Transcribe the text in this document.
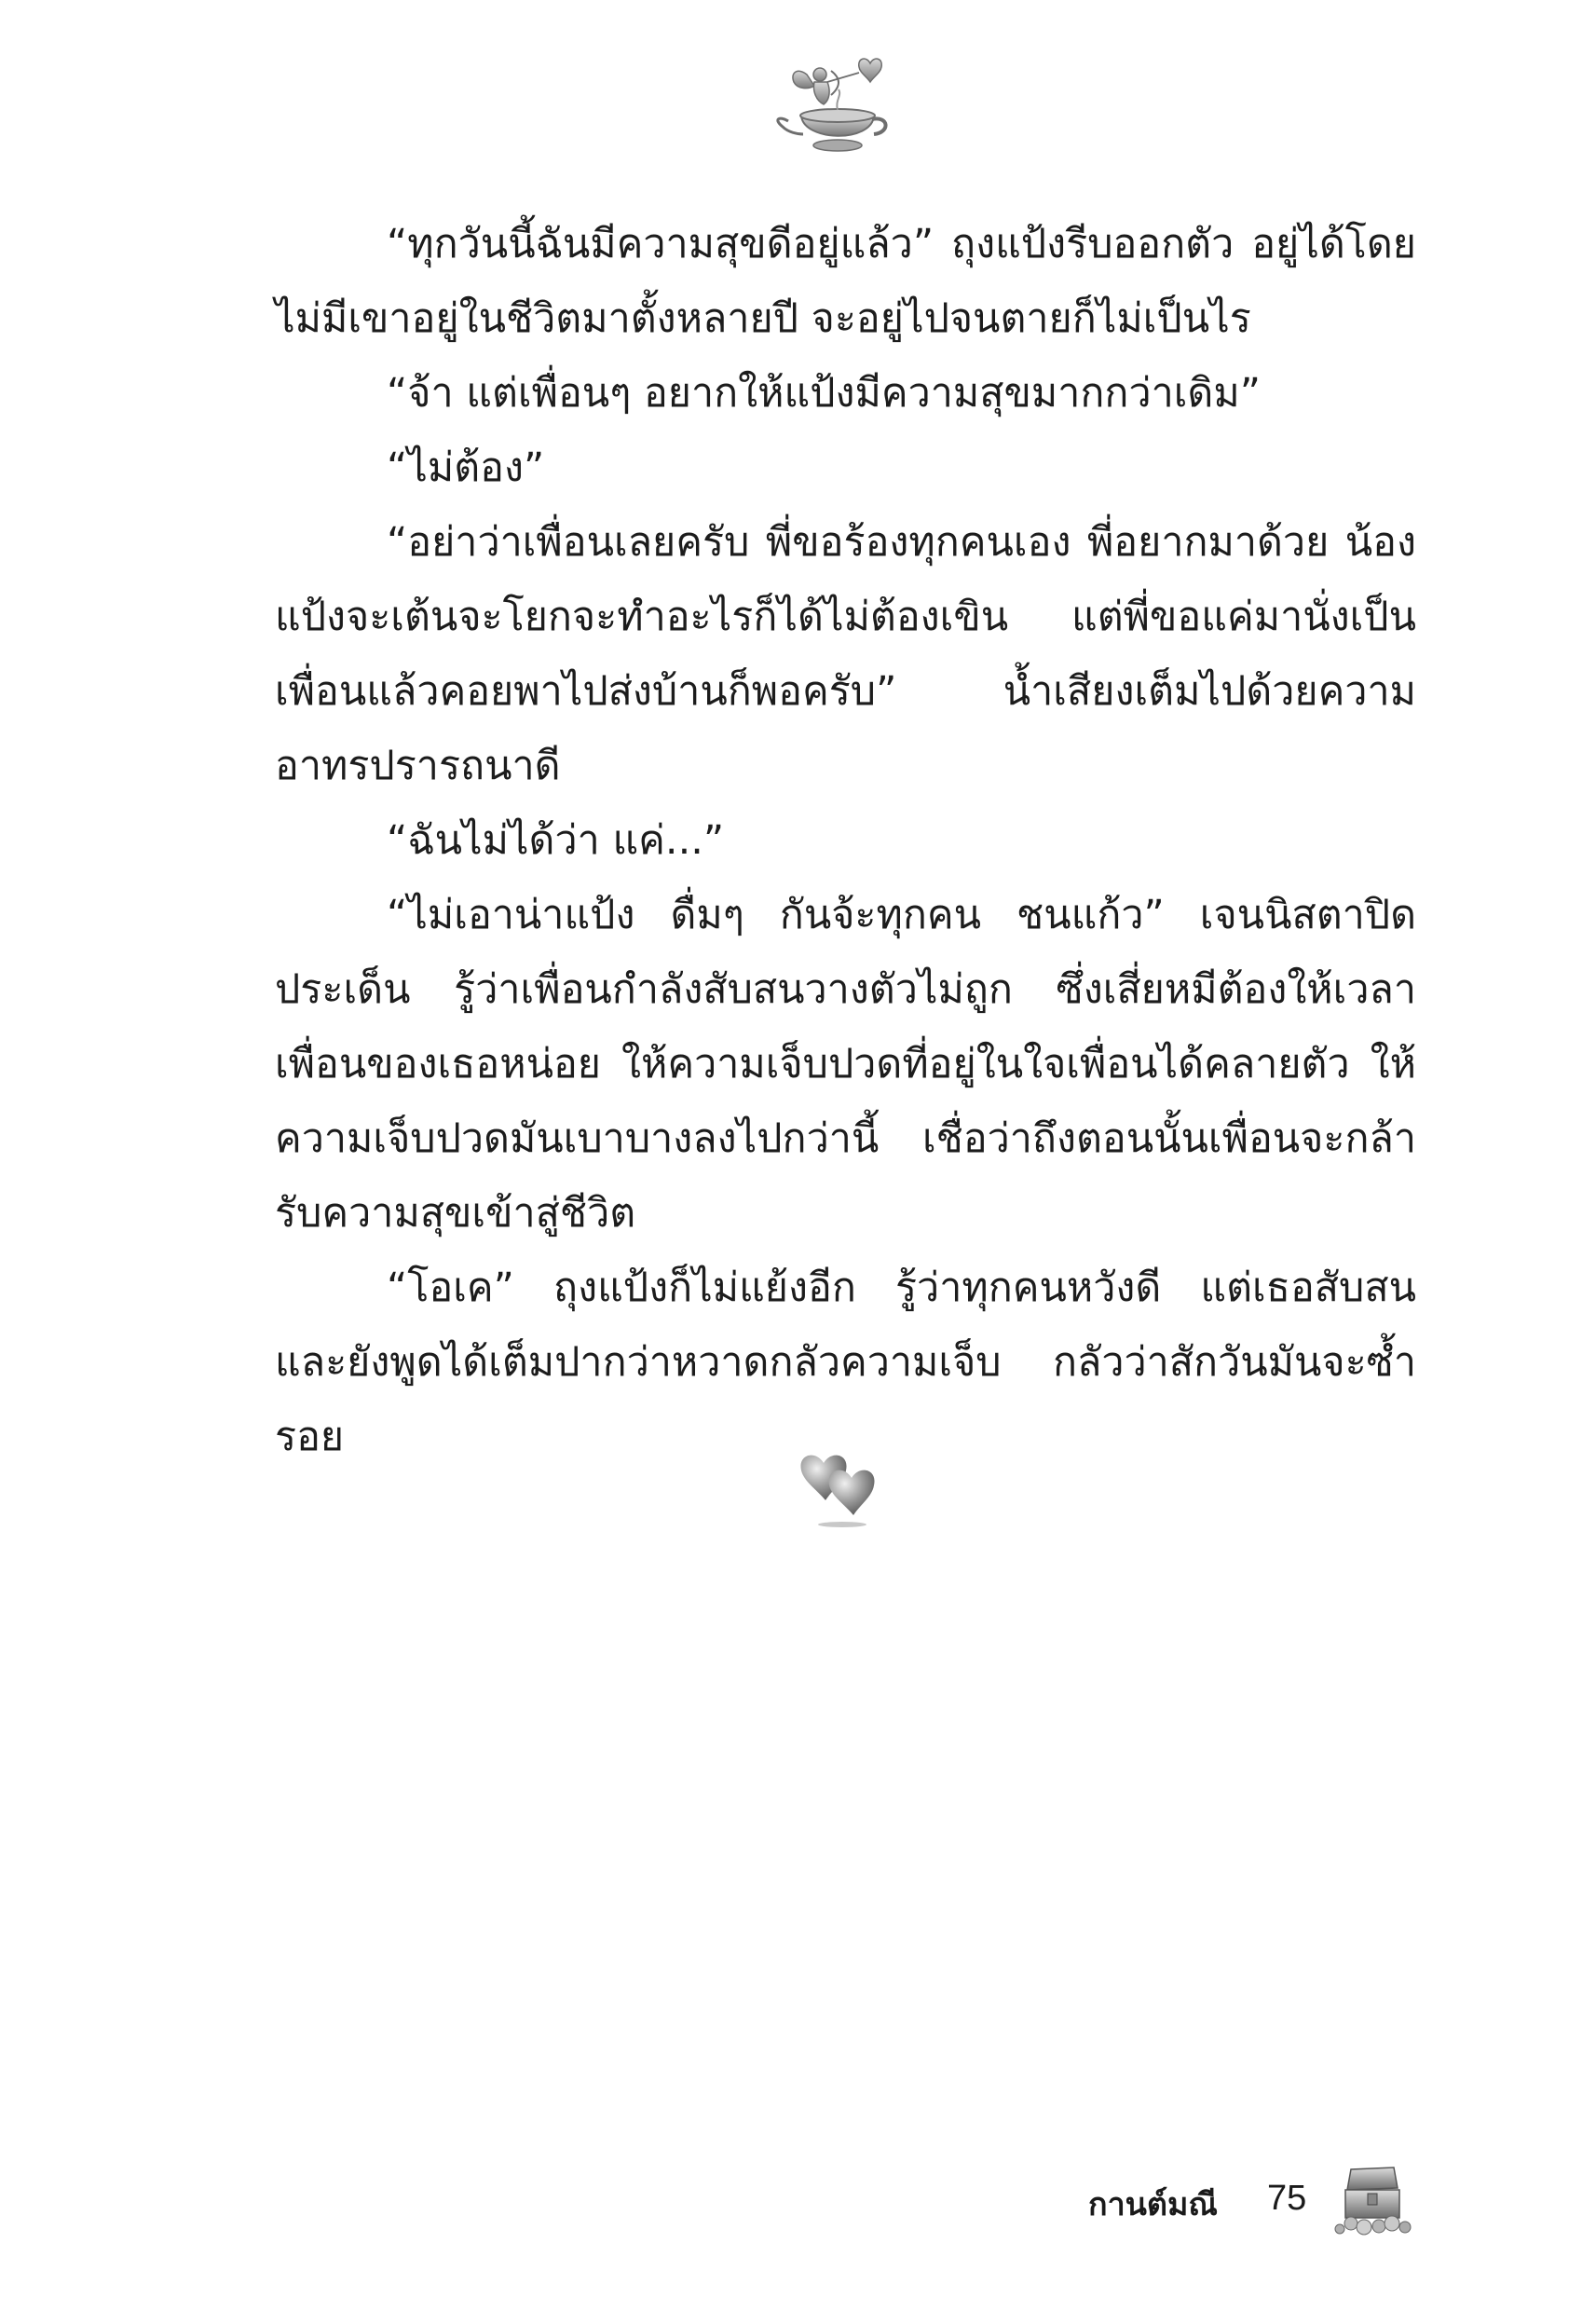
“ทุกวันนี้ฉันมีความสุขดีอยู่แล้ว” ถุงแป้งรีบออกตัว อยู่ได้โดยไม่มีเขาอยู่ในชีวิตมาตั้งหลายปี จะอยู่ไปจนตายก็ไม่เป็นไร

“จ้า แต่เพื่อนๆ อยากให้แป้งมีความสุขมากกว่าเดิม”

“ไม่ต้อง”

“อย่าว่าเพื่อนเลยครับ พี่ขอร้องทุกคนเอง พี่อยากมาด้วย น้องแป้งจะเต้นจะโยกจะทำอะไรก็ได้ไม่ต้องเขิน แต่พี่ขอแค่มานั่งเป็นเพื่อนแล้วคอยพาไปส่งบ้านก็พอครับ” น้ำเสียงเต็มไปด้วยความอาทรปรารถนาดี

“ฉันไม่ได้ว่า แค่...”

“ไม่เอาน่าแป้ง ดื่มๆ กันจ้ะทุกคน ชนแก้ว” เจนนิสตาปิดประเด็น รู้ว่าเพื่อนกำลังสับสนวางตัวไม่ถูก ซึ่งเสี่ยหมีต้องให้เวลาเพื่อนของเธอหน่อย ให้ความเจ็บปวดที่อยู่ในใจเพื่อนได้คลายตัว ให้ความเจ็บปวดมันเบาบางลงไปกว่านี้ เชื่อว่าถึงตอนนั้นเพื่อนจะกล้ารับความสุขเข้าสู่ชีวิต

“โอเค” ถุงแป้งก็ไม่แย้งอีก รู้ว่าทุกคนหวังดี แต่เธอสับสน และยังพูดได้เต็มปากว่าหวาดกลัวความเจ็บ กลัวว่าสักวันมันจะซ้ำรอย

กานต์มณี 75
